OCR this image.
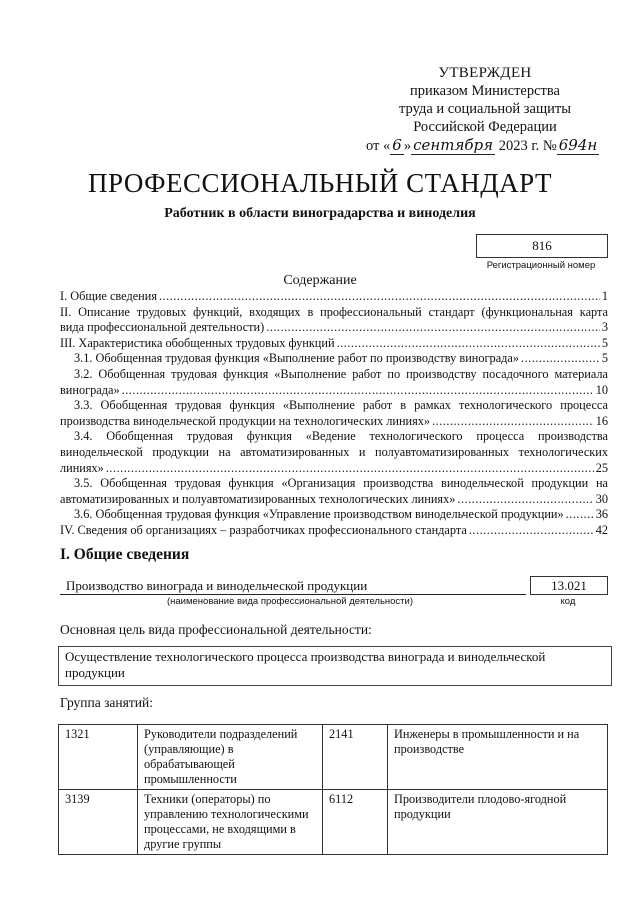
УТВЕРЖДЕН
приказом Министерства
труда и социальной защиты
Российской Федерации
от « 6 » сентября 2023 г. № 694н
ПРОФЕССИОНАЛЬНЫЙ СТАНДАРТ
Работник в области виноградарства и виноделия
816
Регистрационный номер
Содержание
I. Общие сведения .....	1
II. Описание трудовых функций, входящих в профессиональный стандарт (функциональная карта
вида профессиональной деятельности) .....	3
III. Характеристика обобщенных трудовых функций .....	5
3.1. Обобщенная трудовая функция «Выполнение работ по производству винограда» .....	5
3.2. Обобщенная трудовая функция «Выполнение работ по производству посадочного материала
винограда» .....	10
3.3. Обобщенная трудовая функция «Выполнение работ в рамках технологического процесса
производства винодельческой продукции на технологических линиях» .....	16
3.4. Обобщенная трудовая функция «Ведение технологического процесса производства
винодельческой продукции на автоматизированных и полуавтоматизированных технологических
линиях» .....	25
3.5. Обобщенная трудовая функция «Организация производства винодельческой продукции на
автоматизированных и полуавтоматизированных технологических линиях» .....	30
3.6. Обобщенная трудовая функция «Управление производством винодельческой продукции» .....	36
IV. Сведения об организациях – разработчиках профессионального стандарта .....	42
I. Общие сведения
Производство винограда и винодельческой продукции	13.021
(наименование вида профессиональной деятельности)	код
Основная цель вида профессиональной деятельности:
Осуществление технологического процесса производства винограда и винодельческой продукции
Группа занятий:
1321	Руководители подразделений (управляющие) в обрабатывающей промышленности	2141	Инженеры в промышленности и на производстве
3139	Техники (операторы) по управлению технологическими процессами, не входящими в другие группы	6112	Производители плодово-ягодной продукции
